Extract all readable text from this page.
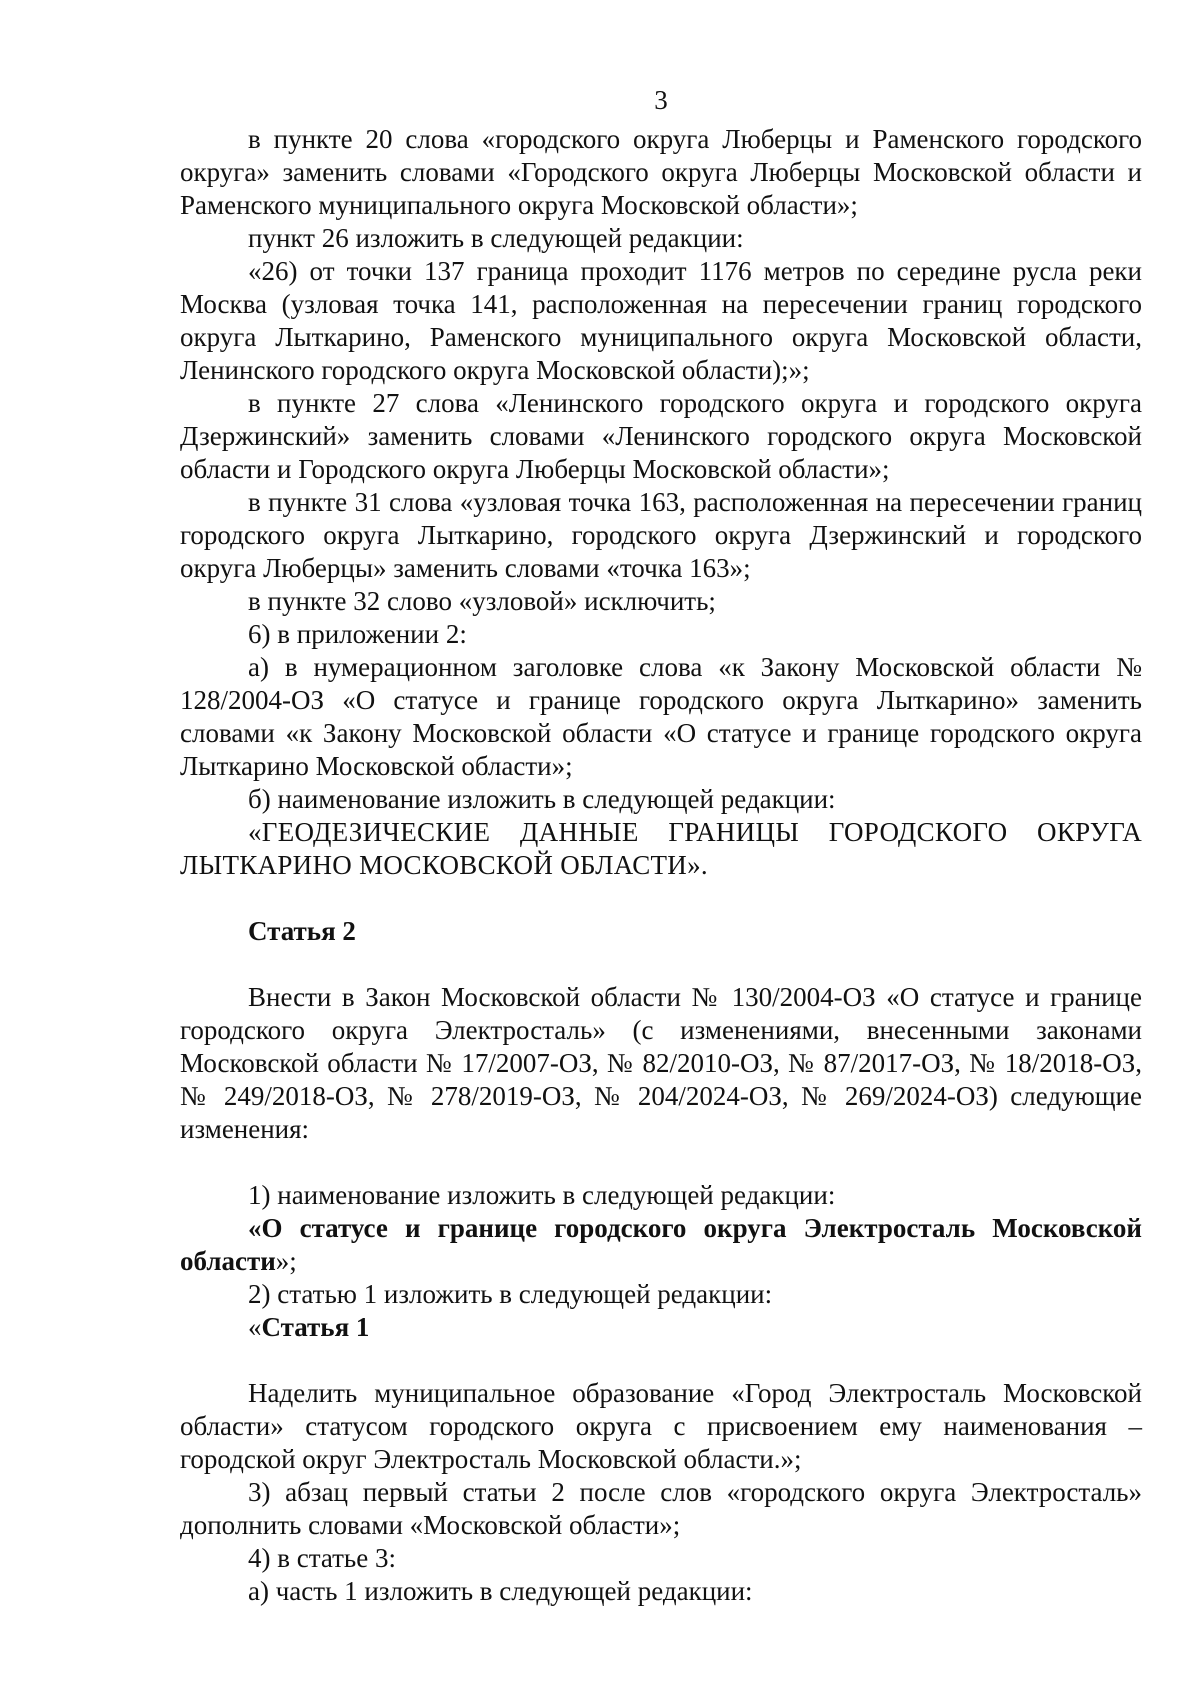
3

в пункте 20 слова «городского округа Люберцы и Раменского городского округа» заменить словами «Городского округа Люберцы Московской области и Раменского муниципального округа Московской области»;

пункт 26 изложить в следующей редакции:

«26) от точки 137 граница проходит 1176 метров по середине русла реки Москва (узловая точка 141, расположенная на пересечении границ городского округа Лыткарино, Раменского муниципального округа Московской области, Ленинского городского округа Московской области);»;

в пункте 27 слова «Ленинского городского округа и городского округа Дзержинский» заменить словами «Ленинского городского округа Московской области и Городского округа Люберцы Московской области»;

в пункте 31 слова «узловая точка 163, расположенная на пересечении границ городского округа Лыткарино, городского округа Дзержинский и городского округа Люберцы» заменить словами «точка 163»;

в пункте 32 слово «узловой» исключить;

6) в приложении 2:

а) в нумерационном заголовке слова «к Закону Московской области № 128/2004-ОЗ «О статусе и границе городского округа Лыткарино» заменить словами «к Закону Московской области «О статусе и границе городского округа Лыткарино Московской области»;

б) наименование изложить в следующей редакции:

«ГЕОДЕЗИЧЕСКИЕ ДАННЫЕ ГРАНИЦЫ ГОРОДСКОГО ОКРУГА ЛЫТКАРИНО МОСКОВСКОЙ ОБЛАСТИ».

Статья 2

Внести в Закон Московской области № 130/2004-ОЗ «О статусе и границе городского округа Электросталь» (с изменениями, внесенными законами Московской области № 17/2007-ОЗ, № 82/2010-ОЗ, № 87/2017-ОЗ, № 18/2018-ОЗ, № 249/2018-ОЗ, № 278/2019-ОЗ, № 204/2024-ОЗ, № 269/2024-ОЗ) следующие изменения:

1) наименование изложить в следующей редакции:

«О статусе и границе городского округа Электросталь Московской области»;

2) статью 1 изложить в следующей редакции:

«Статья 1

Наделить муниципальное образование «Город Электросталь Московской области» статусом городского округа с присвоением ему наименования – городской округ Электросталь Московской области.»;

3) абзац первый статьи 2 после слов «городского округа Электросталь» дополнить словами «Московской области»;

4) в статье 3:

а) часть 1 изложить в следующей редакции:
